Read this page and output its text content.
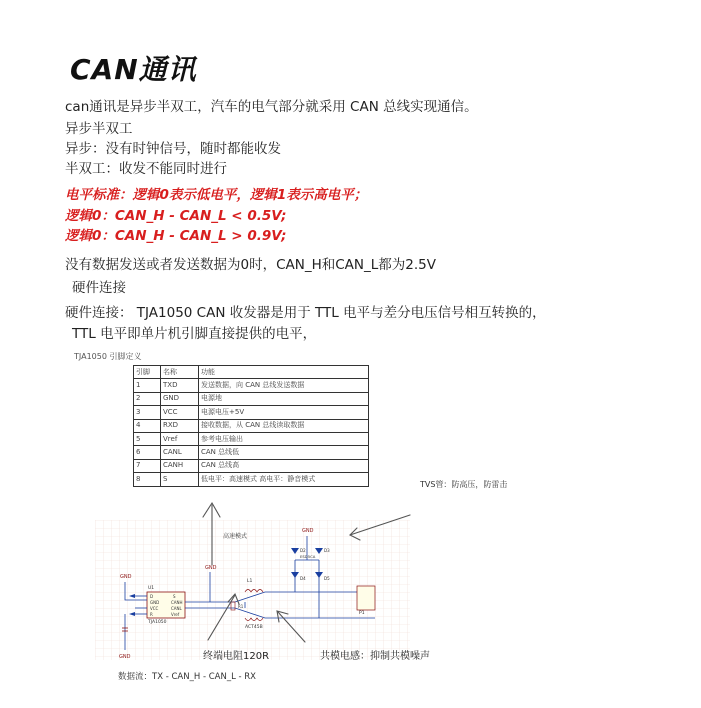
CAN通讯
can通讯是异步半双工，汽车的电气部分就采用 CAN 总线实现通信。
异步半双工
异步：没有时钟信号，随时都能收发
半双工：收发不能同时进行
电平标准：逻辑0表示低电平，逻辑1表示高电平；
逻辑0：CAN_H - CAN_L < 0.5V;
逻辑0：CAN_H - CAN_L > 0.9V;
没有数据发送或者发送数据为0时，CAN_H和CAN_L都为2.5V
硬件连接
硬件连接： TJA1050 CAN 收发器是用于 TTL 电平与差分电压信号相互转换的，
TTL 电平即单片机引脚直接提供的电平，
TJA1050 引脚定义
引脚	名称	功能
1	TXD	发送数据，向 CAN 总线发送数据
2	GND	电源地
3	VCC	电源电压+5V
4	RXD	接收数据，从 CAN 总线读取数据
5	Vref	参考电压输出
6	CANL	CAN 总线低
7	CANH	CAN 总线高
8	S	低电平：高速模式 高电平：静音模式
TVS管：防高压，防雷击
高速模式
GND
GND
GND
GND
U1
TJA1050
D
GND
VCC
R
S
CANH
CANL
Vref
R1
L1
ACT45B
D2	D3
ESD5CA
D4	D5
P1
终端电阻120R	共模电感：抑制共模噪声
数据流：TX - CAN_H - CAN_L - RX
